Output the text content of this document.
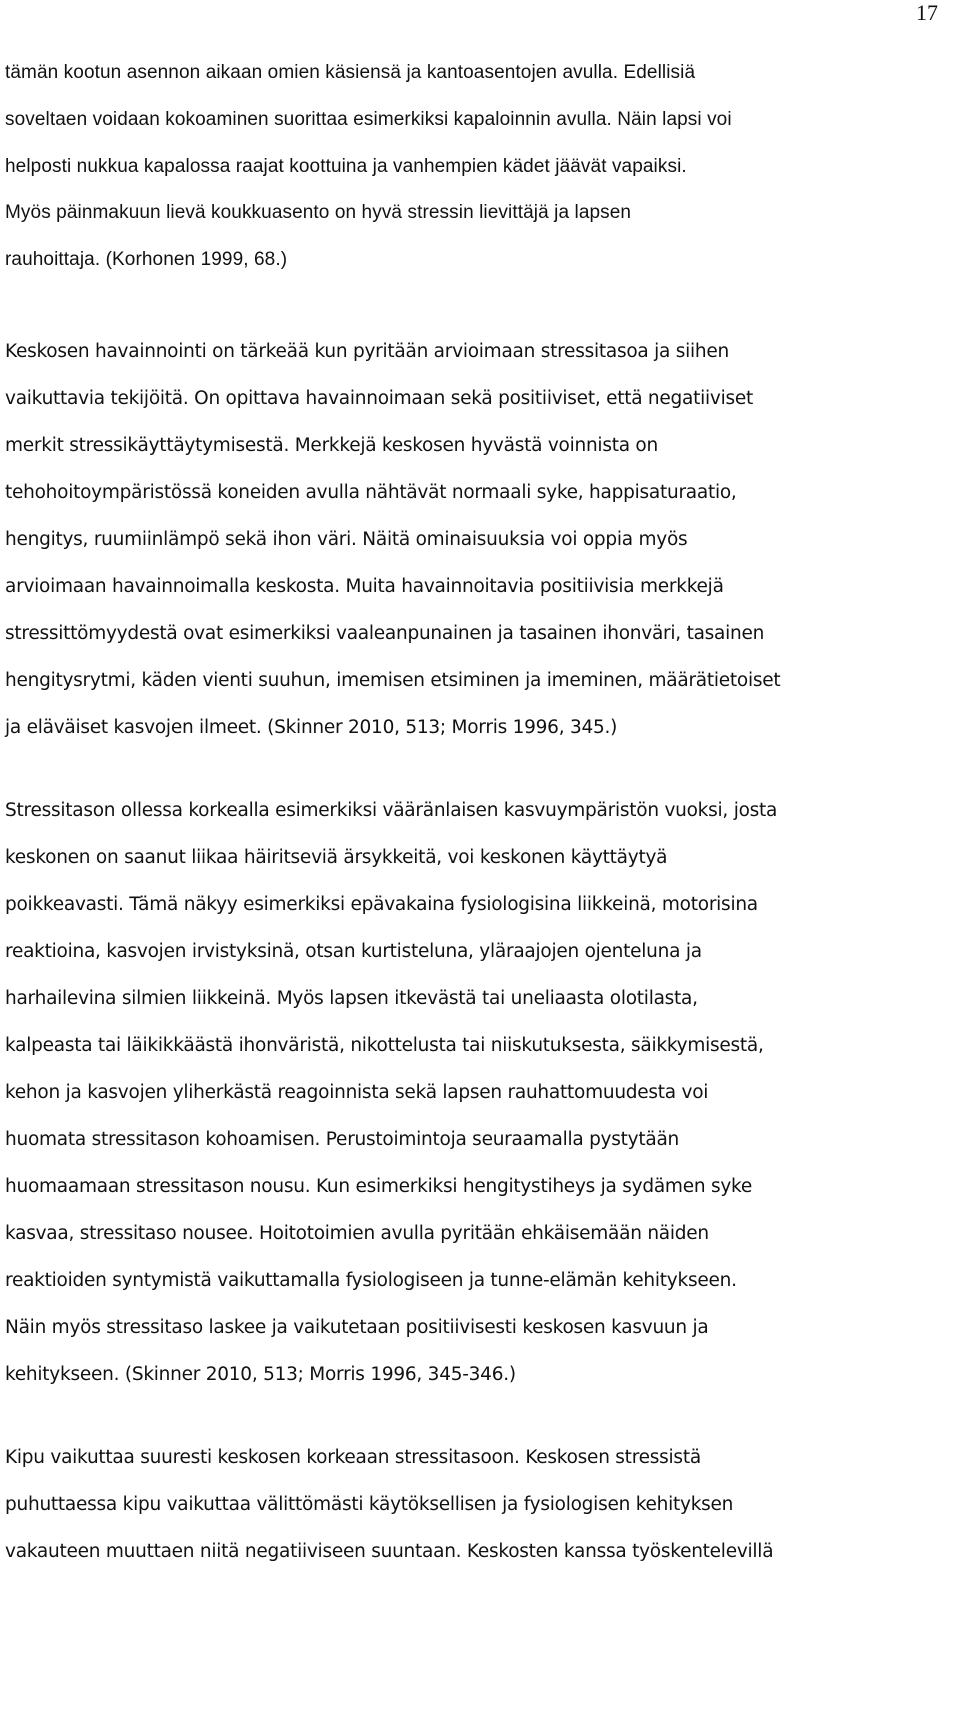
17
tämän kootun asennon aikaan omien käsiensä ja kantoasentojen avulla. Edellisiä
soveltaen voidaan kokoaminen suorittaa esimerkiksi kapaloinnin avulla. Näin lapsi voi
helposti nukkua kapalossa raajat koottuina ja vanhempien kädet jäävät vapaiksi.
Myös päinmakuun lievä koukkuasento on hyvä stressin lievittäjä ja lapsen
rauhoittaja. (Korhonen 1999, 68.)
Keskosen havainnointi on tärkeää kun pyritään arvioimaan stressitasoa ja siihen
vaikuttavia tekijöitä. On opittava havainnoimaan sekä positiiviset, että negatiiviset
merkit stressikäyttäytymisestä. Merkkejä keskosen hyvästä voinnista on
tehohoitoympäristössä koneiden avulla nähtävät normaali syke, happisaturaatio,
hengitys, ruumiinlämpö sekä ihon väri. Näitä ominaisuuksia voi oppia myös
arvioimaan havainnoimalla keskosta. Muita havainnoitavia positiivisia merkkejä
stressittömyydestä ovat esimerkiksi vaaleanpunainen ja tasainen ihonväri, tasainen
hengitysrytmi, käden vienti suuhun, imemisen etsiminen ja imeminen, määrätietoiset
ja eläväiset kasvojen ilmeet. (Skinner 2010, 513; Morris 1996, 345.)
Stressitason ollessa korkealla esimerkiksi vääränlaisen kasvuympäristön vuoksi, josta
keskonen on saanut liikaa häiritseviä ärsykkeitä, voi keskonen käyttäytyä
poikkeavasti. Tämä näkyy esimerkiksi epävakaina fysiologisina liikkeinä, motorisina
reaktioina, kasvojen irvistyksinä, otsan kurtisteluna, yläraajojen ojenteluna ja
harhailevina silmien liikkeinä. Myös lapsen itkevästä tai uneliaasta olotilasta,
kalpeasta tai läikikkäästä ihonväristä, nikottelusta tai niiskutuksesta, säikkymisestä,
kehon ja kasvojen yliherkästä reagoinnista sekä lapsen rauhattomuudesta voi
huomata stressitason kohoamisen. Perustoimintoja seuraamalla pystytään
huomaamaan stressitason nousu. Kun esimerkiksi hengitystiheys ja sydämen syke
kasvaa, stressitaso nousee. Hoitotoimien avulla pyritään ehkäisemään näiden
reaktioiden syntymistä vaikuttamalla fysiologiseen ja tunne-elämän kehitykseen.
Näin myös stressitaso laskee ja vaikutetaan positiivisesti keskosen kasvuun ja
kehitykseen. (Skinner 2010, 513; Morris 1996, 345-346.)
Kipu vaikuttaa suuresti keskosen korkeaan stressitasoon. Keskosen stressistä
puhuttaessa kipu vaikuttaa välittömästi käytöksellisen ja fysiologisen kehityksen
vakauteen muuttaen niitä negatiiviseen suuntaan. Keskosten kanssa työskentelevillä
